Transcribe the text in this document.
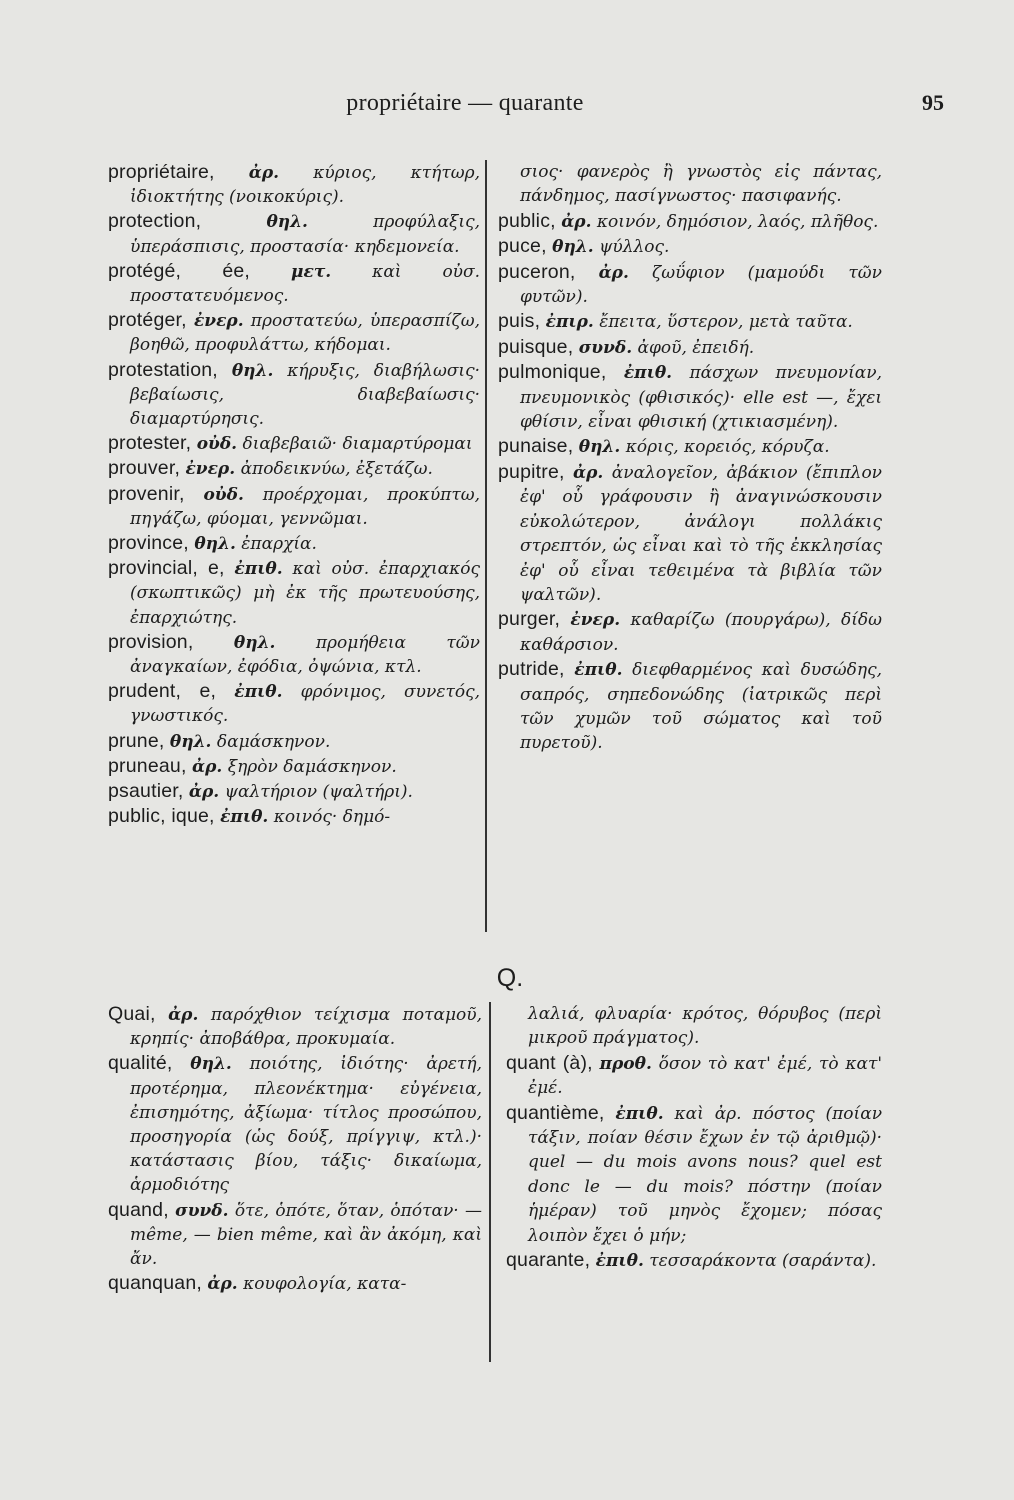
propriétaire — quarante	95

propriétaire, ἀρ. κύριος, κτήτωρ, ἰδιοκτήτης (νοικοκύρις).

protection,	θηλ.	προφύλαξις, ὑπεράσπισις, προστασία· κηδεμονεία.

protégé, ée, μετ. καὶ οὐσ. προστατευόμενος.

protéger, ἐνερ. προστατεύω, ὑπερασπίζω, βοηθῶ, προφυλάττω, κήδομαι.

protestation, θηλ. κήρυξις, διαβήλωσις· βεβαίωσις, διαβεβαίωσις· διαμαρτύρησις.

protester, οὐδ. διαβεβαιῶ· διαμαρτύρομαι

prouver, ἐνερ. ἀποδεικνύω, ἐξετάζω.

provenir, οὐδ. προέρχομαι, προκύπτω, πηγάζω, φύομαι, γεννῶμαι.

province, θηλ. ἐπαρχία.

provincial, e, ἐπιθ. καὶ οὐσ. ἐπαρχιακός (σκωπτικῶς) μὴ ἐκ τῆς πρωτευούσης, ἐπαρχιώτης.

provision, θηλ. προμήθεια τῶν ἀναγκαίων, ἐφόδια, ὀψώνια, κτλ.

prudent, e, ἐπιθ. φρόνιμος, συνετός, γνωστικός.

prune, θηλ. δαμάσκηνον.

pruneau, ἀρ. ξηρὸν δαμάσκηνον.

psautier, ἀρ. ψαλτήριον (ψαλτήρι).

public, ique, ἐπιθ. κοινός· δημό-

σιος· φανερὸς ἢ γνωστὸς εἰς πάντας, πάνδημος, πασίγνωστος· πασιφανής.

public, ἀρ. κοινόν, δημόσιον, λαός, πλῆθος.

puce, θηλ. ψύλλος.

puceron, ἀρ. ζωΰφιον (μαμούδι τῶν φυτῶν).

puis, ἐπιρ. ἔπειτα, ὕστερον, μετὰ ταῦτα.

puisque, συνδ. ἀφοῦ, ἐπειδή.

pulmonique, ἐπιθ. πάσχων πνευμονίαν, πνευμονικὸς (φθισικός)· elle est —, ἔχει φθίσιν, εἶναι φθισική (χτικιασμένη).

punaise, θηλ. κόρις, κορειός, κόρυζα.

pupitre, ἀρ. ἀναλογεῖον, ἀβάκιον (ἔπιπλον ἐφ' οὗ γράφουσιν ἢ ἀναγινώσκουσιν εὐκολώτερον, ἀνάλογι πολλάκις στρεπτόν, ὡς εἶναι καὶ τὸ τῆς ἐκκλησίας ἐφ' οὗ εἶναι τεθειμένα τὰ βιβλία τῶν ψαλτῶν).

purger, ἐνερ. καθαρίζω (πουργάρω), δίδω καθάρσιον.

putride, ἐπιθ. διεφθαρμένος καὶ δυσώδης, σαπρός, σηπεδονώδης (ἰατρικῶς περὶ τῶν χυμῶν τοῦ σώματος καὶ τοῦ πυρετοῦ).

Q.

Quai, ἀρ. παρόχθιον τείχισμα ποταμοῦ, κρηπίς· ἀποβάθρα, προκυμαία.

qualité, θηλ. ποιότης, ἰδιότης· ἀρετή, προτέρημα, πλεονέκτημα· εὐγένεια, ἐπισημότης, ἀξίωμα· τίτλος προσώπου, προσηγορία (ὡς δούξ, πρίγγιψ, κτλ.)· κατάστασις βίου, τάξις· δικαίωμα, ἁρμοδιότης

quand, συνδ. ὅτε, ὁπότε, ὅταν, ὁπόταν· — même, — bien même, καὶ ἂν ἀκόμη, καὶ ἄν.

quanquan, ἀρ. κουφολογία, κατα-

λαλιά, φλυαρία· κρότος, θόρυβος (περὶ μικροῦ πράγματος).

quant (à), προθ. ὅσον τὸ κατ' ἐμέ, τὸ κατ' ἐμέ.

quantième, ἐπιθ. καὶ ἀρ. πόστος (ποίαν τάξιν, ποίαν θέσιν ἔχων ἐν τῷ ἀριθμῷ)· quel — du mois avons nous? quel est donc le — du mois? πόστην (ποίαν ἡμέραν) τοῦ μηνὸς ἔχομεν; πόσας λοιπὸν ἔχει ὁ μήν;

quarante, ἐπιθ. τεσσαράκοντα (σαράντα).
